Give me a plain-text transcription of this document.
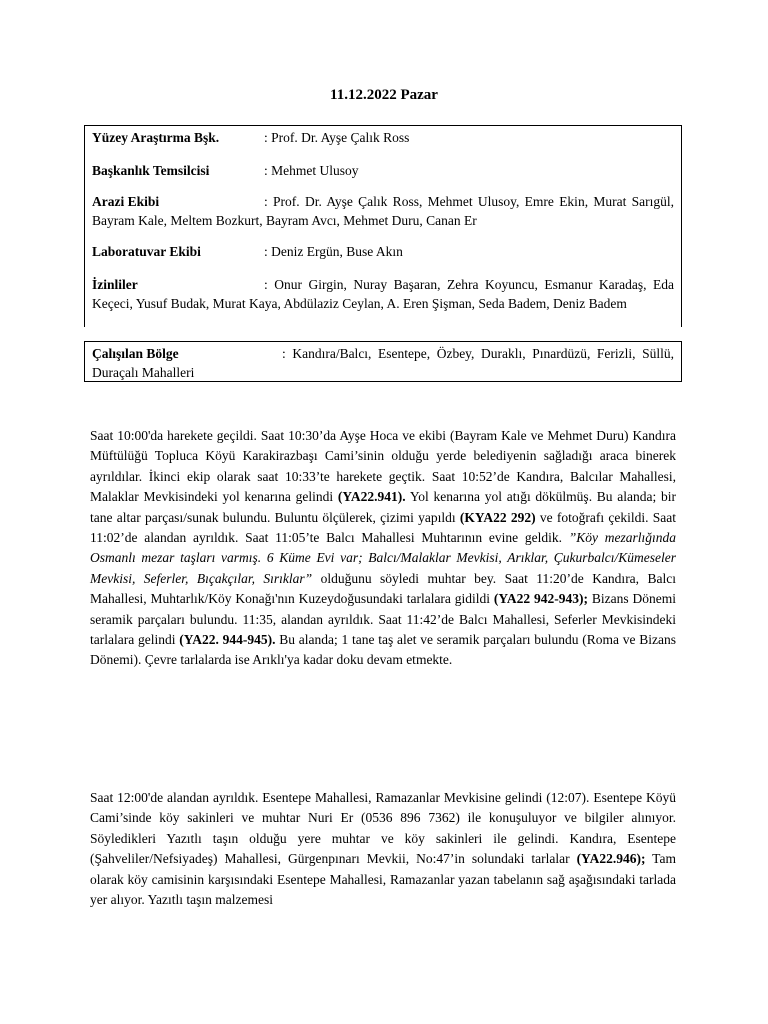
11.12.2022 Pazar
Yüzey Araştırma Bşk.	: Prof. Dr. Ayşe Çalık Ross
Başkanlık Temsilcisi	: Mehmet Ulusoy
Arazi Ekibi	: Prof. Dr. Ayşe Çalık Ross, Mehmet Ulusoy, Emre Ekin, Murat Sarıgül, Bayram Kale, Meltem Bozkurt, Bayram Avcı, Mehmet Duru, Canan Er
Laboratuvar Ekibi	: Deniz Ergün, Buse Akın
İzinliler	: Onur Girgin, Nuray Başaran, Zehra Koyuncu, Esmanur Karadaş, Eda Keçeci, Yusuf Budak, Murat Kaya, Abdülaziz Ceylan, A. Eren Şişman, Seda Badem, Deniz Badem
Çalışılan Bölge	: Kandıra/Balcı, Esentepe, Özbey, Duraklı, Pınardüzü, Ferizli, Süllü, Duraçalı Mahalleri
Saat 10:00'da harekete geçildi. Saat 10:30’da Ayşe Hoca ve ekibi (Bayram Kale ve Mehmet Duru) Kandıra Müftülüğü Topluca Köyü Karakirazbaşı Cami’sinin olduğu yerde belediyenin sağladığı araca binerek ayrıldılar. İkinci ekip olarak saat 10:33’te harekete geçtik. Saat 10:52’de Kandıra, Balcılar Mahallesi, Malaklar Mevkisindeki yol kenarına gelindi (YA22.941). Yol kenarına yol atığı dökülmüş. Bu alanda; bir tane altar parçası/sunak bulundu. Buluntu ölçülerek, çizimi yapıldı (KYA22 292) ve fotoğrafı çekildi. Saat 11:02’de alandan ayrıldık. Saat 11:05’te Balcı Mahallesi Muhtarının evine geldik. ”Köy mezarlığında Osmanlı mezar taşları varmış. 6 Küme Evi var; Balcı/Malaklar Mevkisi, Arıklar, Çukurbalcı/Kümeseler Mevkisi, Seferler, Bıçakçılar, Sırıklar” olduğunu söyledi muhtar bey. Saat 11:20’de Kandıra, Balcı Mahallesi, Muhtarlık/Köy Konağı'nın Kuzeydoğusundaki tarlalara gidildi (YA22 942-943); Bizans Dönemi seramik parçaları bulundu. 11:35, alandan ayrıldık. Saat 11:42’de Balcı Mahallesi, Seferler Mevkisindeki tarlalara gelindi (YA22. 944-945). Bu alanda; 1 tane taş alet ve seramik parçaları bulundu (Roma ve Bizans Dönemi). Çevre tarlalarda ise Arıklı'ya kadar doku devam etmekte.
Saat 12:00'de alandan ayrıldık. Esentepe Mahallesi, Ramazanlar Mevkisine gelindi (12:07). Esentepe Köyü Cami’sinde köy sakinleri ve muhtar Nuri Er (0536 896 7362) ile konuşuluyor ve bilgiler alınıyor. Söyledikleri Yazıtlı taşın olduğu yere muhtar ve köy sakinleri ile gelindi. Kandıra, Esentepe (Şahveliler/Nefsiyadeş) Mahallesi, Gürgenpınarı Mevkii, No:47’in solundaki tarlalar (YA22.946); Tam olarak köy camisinin karşısındaki Esentepe Mahallesi, Ramazanlar yazan tabelanın sağ aşağısındaki tarlada yer alıyor. Yazıtlı taşın malzemesi
